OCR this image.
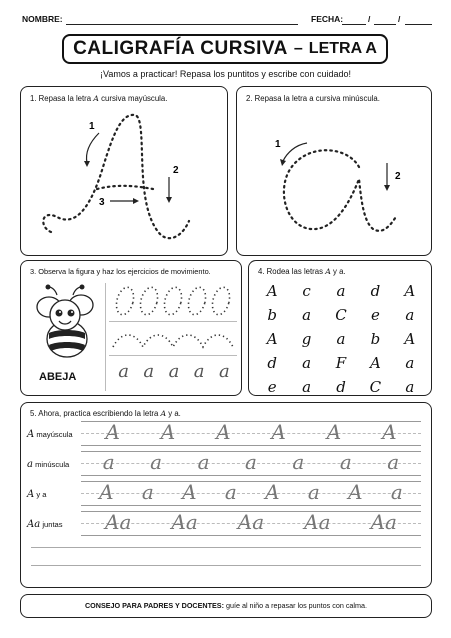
NOMBRE:	FECHA:	/	/
CALIGRAFÍA CURSIVA – LETRA A
¡Vamos a practicar! Repasa los puntitos y escribe con cuidado!
1. Repasa la letra A cursiva mayúscula.
1
2
3
2. Repasa la letra a cursiva minúscula.
1
2
3. Observa la figura y haz los ejercicios de movimiento.
ABEJA a a a a a
4. Rodea las letras A y a.
A	c	a	d	A
b	a	C	e	a
A	g	a	b	A
d	a	F	A	a
e	a	d	C	a
5. Ahora, practica escribiendo la letra A y a.
A mayúscula A A A A A A
a minúscula a a a a a a a
A y a	A a A a A a A a
Aa juntas Aa Aa Aa Aa Aa
CONSEJO PARA PADRES Y DOCENTES: guíe al niño a repasar los puntos con calma.
